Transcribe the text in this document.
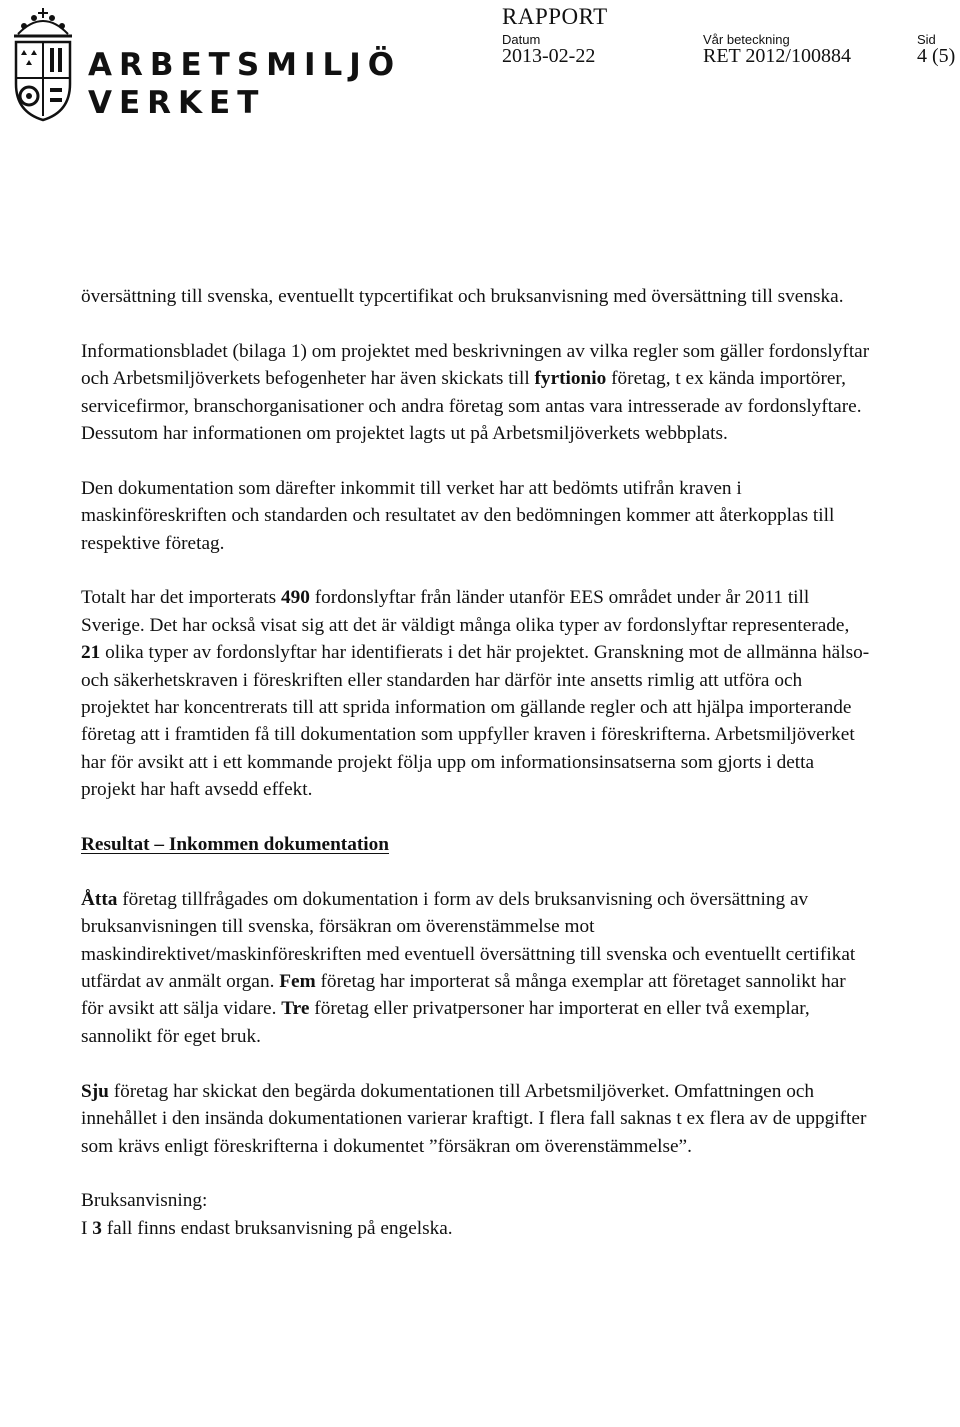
ARBETSMILJÖ
VERKET
RAPPORT
Datum
2013-02-22
Vår beteckning
RET 2012/100884
Sid
4 (5)

översättning till svenska, eventuellt typcertifikat och bruksanvisning med översättning till svenska.

Informationsbladet (bilaga 1) om projektet med beskrivningen av vilka regler som gäller fordonslyftar och Arbetsmiljöverkets befogenheter har även skickats till fyrtionio företag, t ex kända importörer, servicefirmor, branschorganisationer och andra företag som antas vara intresserade av fordonslyftare. Dessutom har informationen om projektet lagts ut på Arbetsmiljöverkets webbplats.

Den dokumentation som därefter inkommit till verket har att bedömts utifrån kraven i maskinföreskriften och standarden och resultatet av den bedömningen kommer att återkopplas till respektive företag.

Totalt har det importerats 490 fordonslyftar från länder utanför EES området under år 2011 till Sverige. Det har också visat sig att det är väldigt många olika typer av fordonslyftar representerade, 21 olika typer av fordonslyftar har identifierats i det här projektet. Granskning mot de allmänna hälso- och säkerhetskraven i föreskriften eller standarden har därför inte ansetts rimlig att utföra och projektet har koncentrerats till att sprida information om gällande regler och att hjälpa importerande företag att i framtiden få till dokumentation som uppfyller kraven i föreskrifterna. Arbetsmiljöverket har för avsikt att i ett kommande projekt följa upp om informationsinsatserna som gjorts i detta projekt har haft avsedd effekt.

Resultat – Inkommen dokumentation

Åtta företag tillfrågades om dokumentation i form av dels bruksanvisning och översättning av bruksanvisningen till svenska, försäkran om överenstämmelse mot maskindirektivet/maskinföreskriften med eventuell översättning till svenska och eventuellt certifikat utfärdat av anmält organ. Fem företag har importerat så många exemplar att företaget sannolikt har för avsikt att sälja vidare. Tre företag eller privatpersoner har importerat en eller två exemplar, sannolikt för eget bruk.

Sju företag har skickat den begärda dokumentationen till Arbetsmiljöverket. Omfattningen och innehållet i den insända dokumentationen varierar kraftigt. I flera fall saknas t ex flera av de uppgifter som krävs enligt föreskrifterna i dokumentet ”försäkran om överenstämmelse”.

Bruksanvisning:
I 3 fall finns endast bruksanvisning på engelska.
